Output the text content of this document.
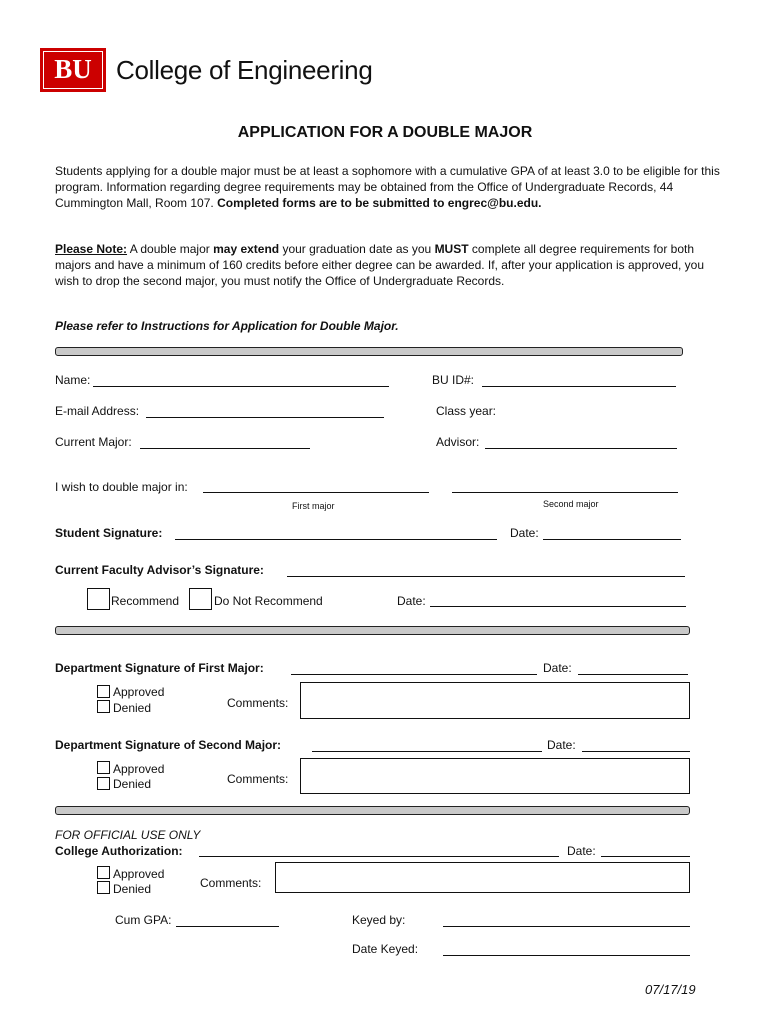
BU College of Engineering
APPLICATION FOR A DOUBLE MAJOR

Students applying for a double major must be at least a sophomore with a cumulative GPA of at least 3.0 to be eligible for this program. Information regarding degree requirements may be obtained from the Office of Undergraduate Records, 44 Cummington Mall, Room 107. Completed forms are to be submitted to engrec@bu.edu.

Please Note: A double major may extend your graduation date as you MUST complete all degree requirements for both majors and have a minimum of 160 credits before either degree can be awarded. If, after your application is approved, you wish to drop the second major, you must notify the Office of Undergraduate Records.

Please refer to Instructions for Application for Double Major.
Name:	BU ID#:
E-mail Address:	Class year:
Current Major:	Advisor:
I wish to double major in:
First major	Second major
Student Signature:	Date:
Current Faculty Advisor’s Signature:
Recommend	Do Not Recommend	Date:
Department Signature of First Major:	Date:
Approved
Denied	Comments:
Department Signature of Second Major:	Date:
Approved
Denied	Comments:
FOR OFFICIAL USE ONLY
College Authorization:	Date:
Approved
Denied	Comments:
Cum GPA:	Keyed by:
Date Keyed:
07/17/19
